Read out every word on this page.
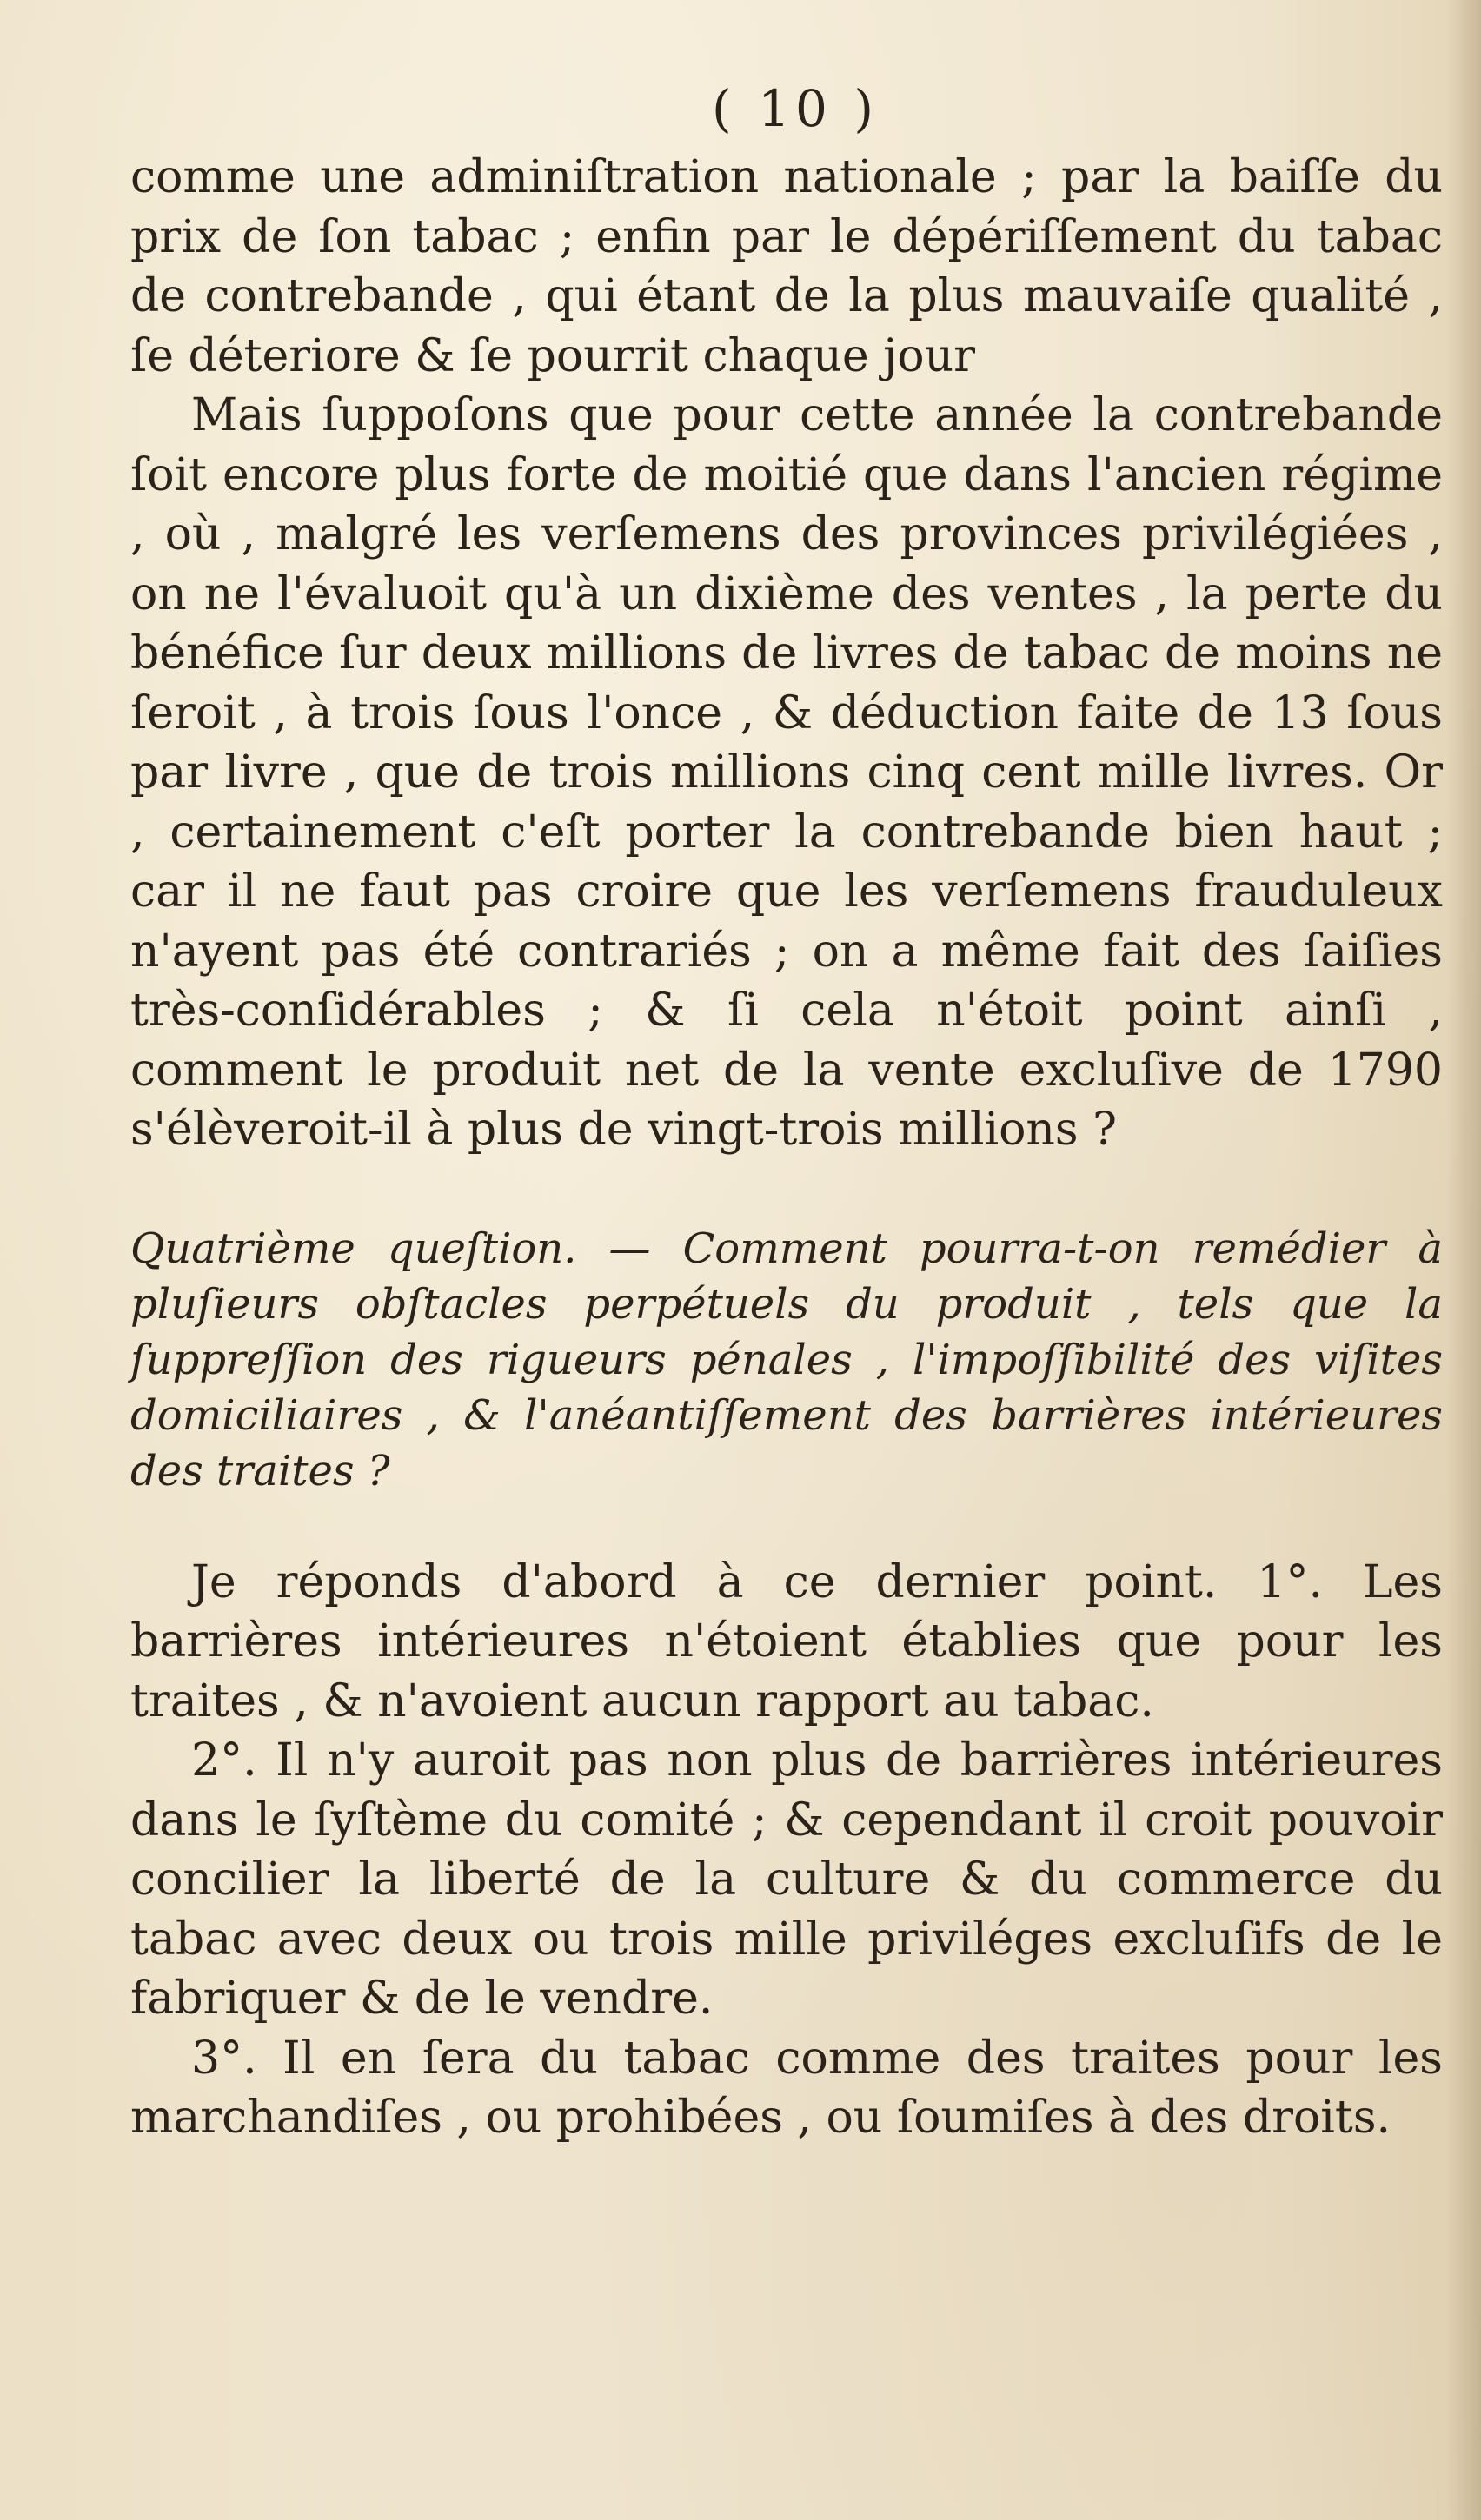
( 10 )

comme une adminiſtration nationale ; par la baiſſe du prix de ſon tabac ; enfin par le dépériſſement du tabac de contrebande , qui étant de la plus mauvaiſe qualité , ſe déteriore & ſe pourrit chaque jour

Mais ſuppoſons que pour cette année la contrebande ſoit encore plus forte de moitié que dans l'ancien régime , où , malgré les verſemens des provinces privilégiées , on ne l'évaluoit qu'à un dixième des ventes , la perte du bénéfice ſur deux millions de livres de tabac de moins ne ſeroit , à trois ſous l'once , & déduction faite de 13 ſous par livre , que de trois millions cinq cent mille livres. Or , certainement c'eſt porter la contrebande bien haut ; car il ne faut pas croire que les verſemens frauduleux n'ayent pas été contrariés ; on a même fait des ſaiſies très-conſidérables ; & ſi cela n'étoit point ainſi , comment le produit net de la vente excluſive de 1790 s'élèveroit-il à plus de vingt-trois millions ?

Quatrième queſtion. — Comment pourra-t-on remédier à pluſieurs obſtacles perpétuels du produit , tels que la ſuppreſſion des rigueurs pénales , l'impoſſibilité des viſites domiciliaires , & l'anéantiſſement des barrières intérieures des traites ?

Je réponds d'abord à ce dernier point. 1°. Les barrières intérieures n'étoient établies que pour les traites , & n'avoient aucun rapport au tabac.

2°. Il n'y auroit pas non plus de barrières intérieures dans le ſyſtème du comité ; & cependant il croit pouvoir concilier la liberté de la culture & du commerce du tabac avec deux ou trois mille priviléges excluſifs de le fabriquer & de le vendre.

3°. Il en ſera du tabac comme des traites pour les marchandiſes , ou prohibées , ou ſoumiſes à des droits.
